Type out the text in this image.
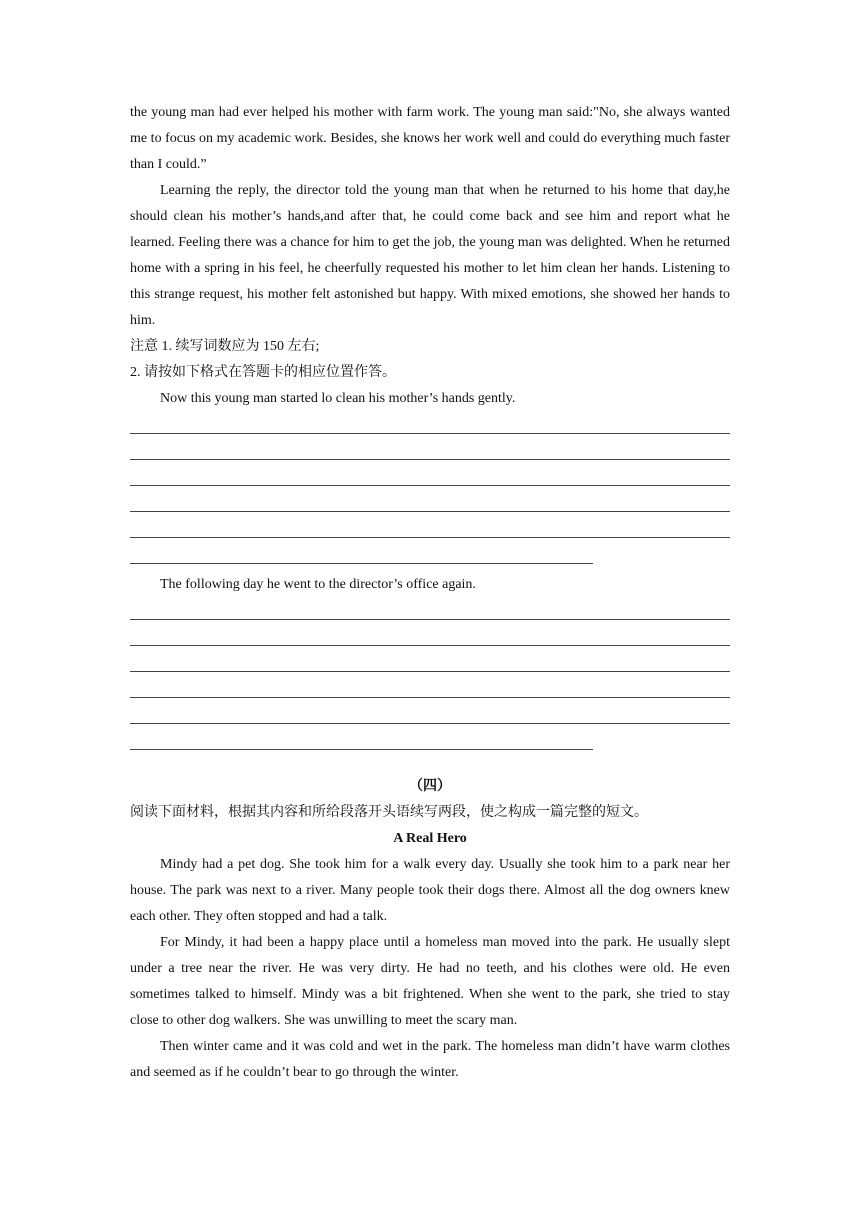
the young man had ever helped his mother with farm work. The young man said:"No, she always wanted me to focus on my academic work. Besides, she knows her work well and could do everything much faster than I could.”

Learning the reply, the director told the young man that when he returned to his home that day,he should clean his mother’s hands,and after that, he could come back and see him and report what he learned. Feeling there was a chance for him to get the job, the young man was delighted. When he returned home with a spring in his feel, he cheerfully requested his mother to let him clean her hands. Listening to this strange request, his mother felt astonished but happy. With mixed emotions, she showed her hands to him.

注意 1. 续写词数应为 150 左右;
2. 请按如下格式在答题卡的相应位置作答。
Now this young man started lo clean his mother’s hands gently.
The following day he went to the director’s office again.
（四）
阅读下面材料，根据其内容和所给段落开头语续写两段，使之构成一篇完整的短文。
A Real Hero

Mindy had a pet dog. She took him for a walk every day. Usually she took him to a park near her house. The park was next to a river. Many people took their dogs there. Almost all the dog owners knew each other. They often stopped and had a talk.

For Mindy, it had been a happy place until a homeless man moved into the park. He usually slept under a tree near the river. He was very dirty. He had no teeth, and his clothes were old. He even sometimes talked to himself. Mindy was a bit frightened. When she went to the park, she tried to stay close to other dog walkers. She was unwilling to meet the scary man.

Then winter came and it was cold and wet in the park. The homeless man didn’t have warm clothes and seemed as if he couldn’t bear to go through the winter.
